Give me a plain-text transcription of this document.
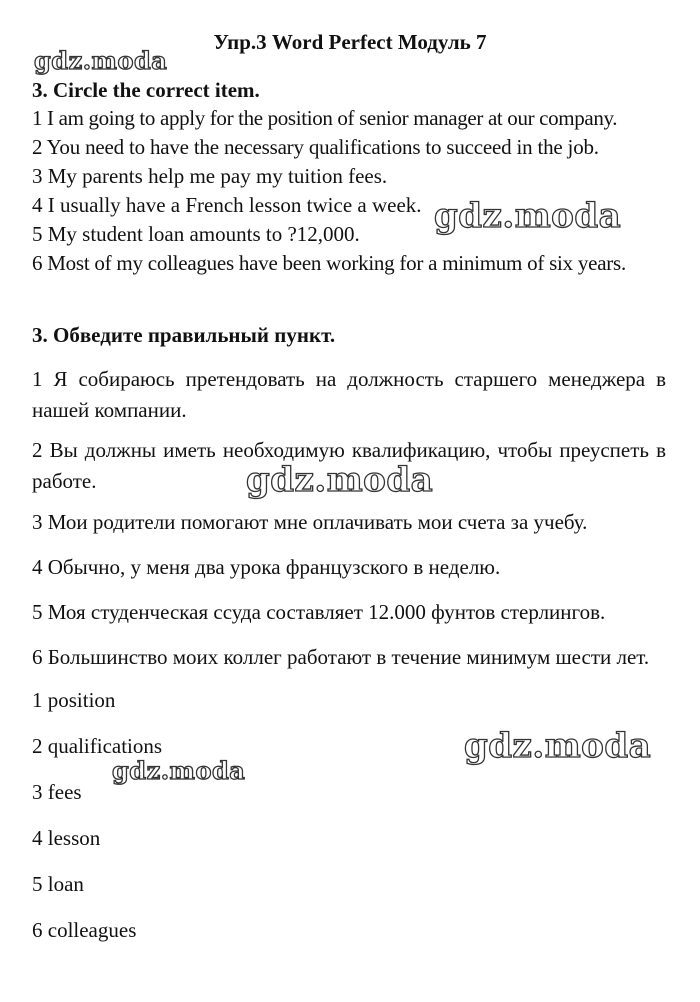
Упр.3 Word Perfect Модуль 7
gdz.moda
gdz.moda
gdz.moda
gdz.moda
gdz.moda
3. Circle the correct item.
1 I am going to apply for the position of senior manager at our company.
2 You need to have the necessary qualifications to succeed in the job.
3 My parents help me pay my tuition fees.
4 I usually have a French lesson twice a week.
5 My student loan amounts to ?12,000.
6 Most of my colleagues have been working for a minimum of six years.
3. Обведите правильный пункт.

1 Я собираюсь претендовать на должность старшего менеджера в нашей компании.

2 Вы должны иметь необходимую квалификацию, чтобы преуспеть в работе.

3 Мои родители помогают мне оплачивать мои счета за учебу.

4 Обычно, у меня два урока французского в неделю.

5 Моя студенческая ссуда составляет 12.000 фунтов стерлингов.

6 Большинство моих коллег работают в течение минимум шести лет.

1 position
2 qualifications
3 fees
4 lesson
5 loan
6 colleagues
